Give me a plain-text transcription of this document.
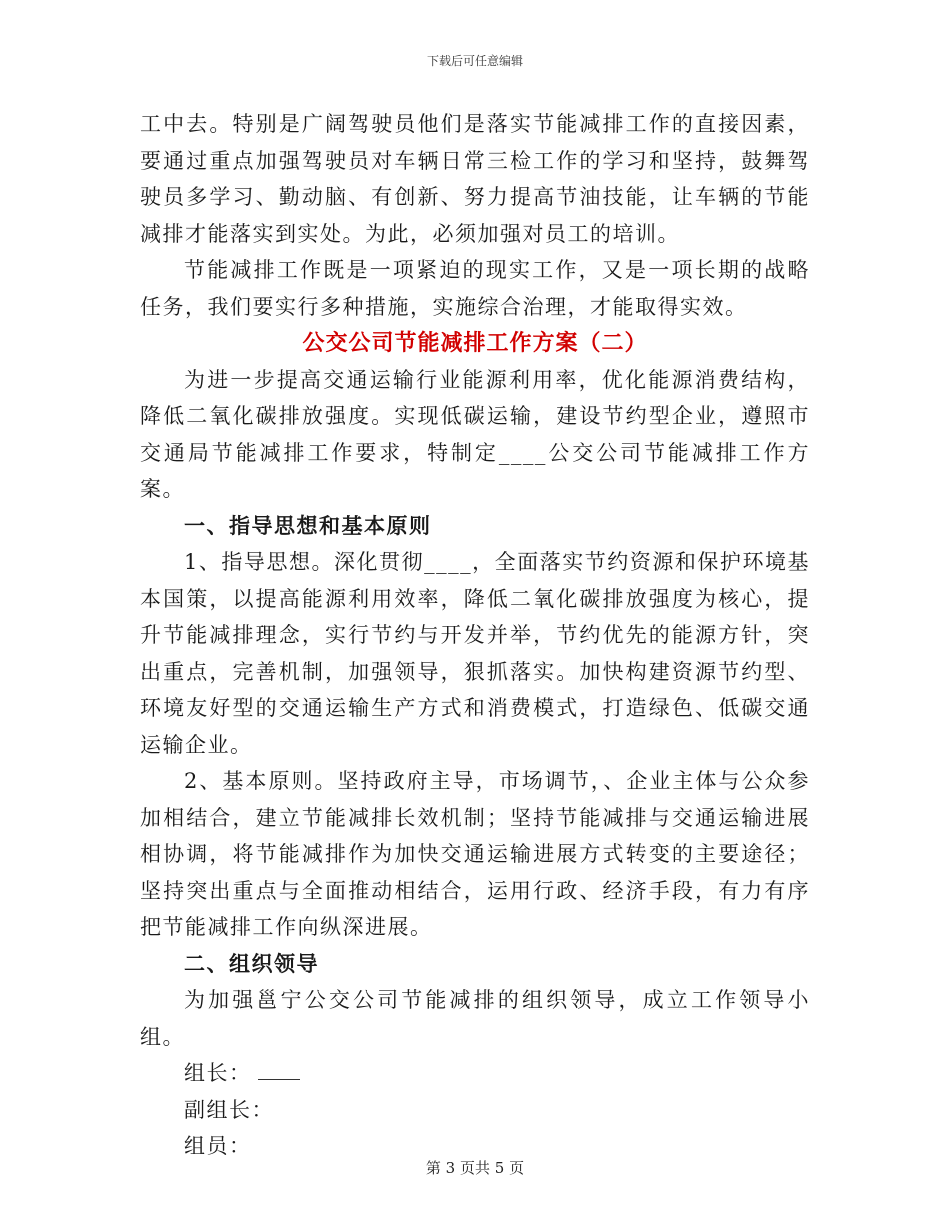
下载后可任意编辑

工中去。特别是广阔驾驶员他们是落实节能减排工作的直接因素，要通过重点加强驾驶员对车辆日常三检工作的学习和坚持，鼓舞驾驶员多学习、勤动脑、有创新、努力提高节油技能，让车辆的节能减排才能落实到实处。为此，必须加强对员工的培训。

节能减排工作既是一项紧迫的现实工作，又是一项长期的战略任务，我们要实行多种措施，实施综合治理，才能取得实效。

公交公司节能减排工作方案（二）

为进一步提高交通运输行业能源利用率，优化能源消费结构，降低二氧化碳排放强度。实现低碳运输，建设节约型企业，遵照市交通局节能减排工作要求，特制定____公交公司节能减排工作方案。

一、指导思想和基本原则

1、指导思想。深化贯彻____，全面落实节约资源和保护环境基本国策，以提高能源利用效率，降低二氧化碳排放强度为核心，提升节能减排理念，实行节约与开发并举，节约优先的能源方针，突出重点，完善机制，加强领导，狠抓落实。加快构建资源节约型、环境友好型的交通运输生产方式和消费模式，打造绿色、低碳交通运输企业。

2、基本原则。坚持政府主导，市场调节，、企业主体与公众参加相结合，建立节能减排长效机制；坚持节能减排与交通运输进展相协调，将节能减排作为加快交通运输进展方式转变的主要途径；坚持突出重点与全面推动相结合，运用行政、经济手段，有力有序把节能减排工作向纵深进展。

二、组织领导

为加强邕宁公交公司节能减排的组织领导，成立工作领导小组。

组长：

副组长：

组员：

第 3 页共 5 页
